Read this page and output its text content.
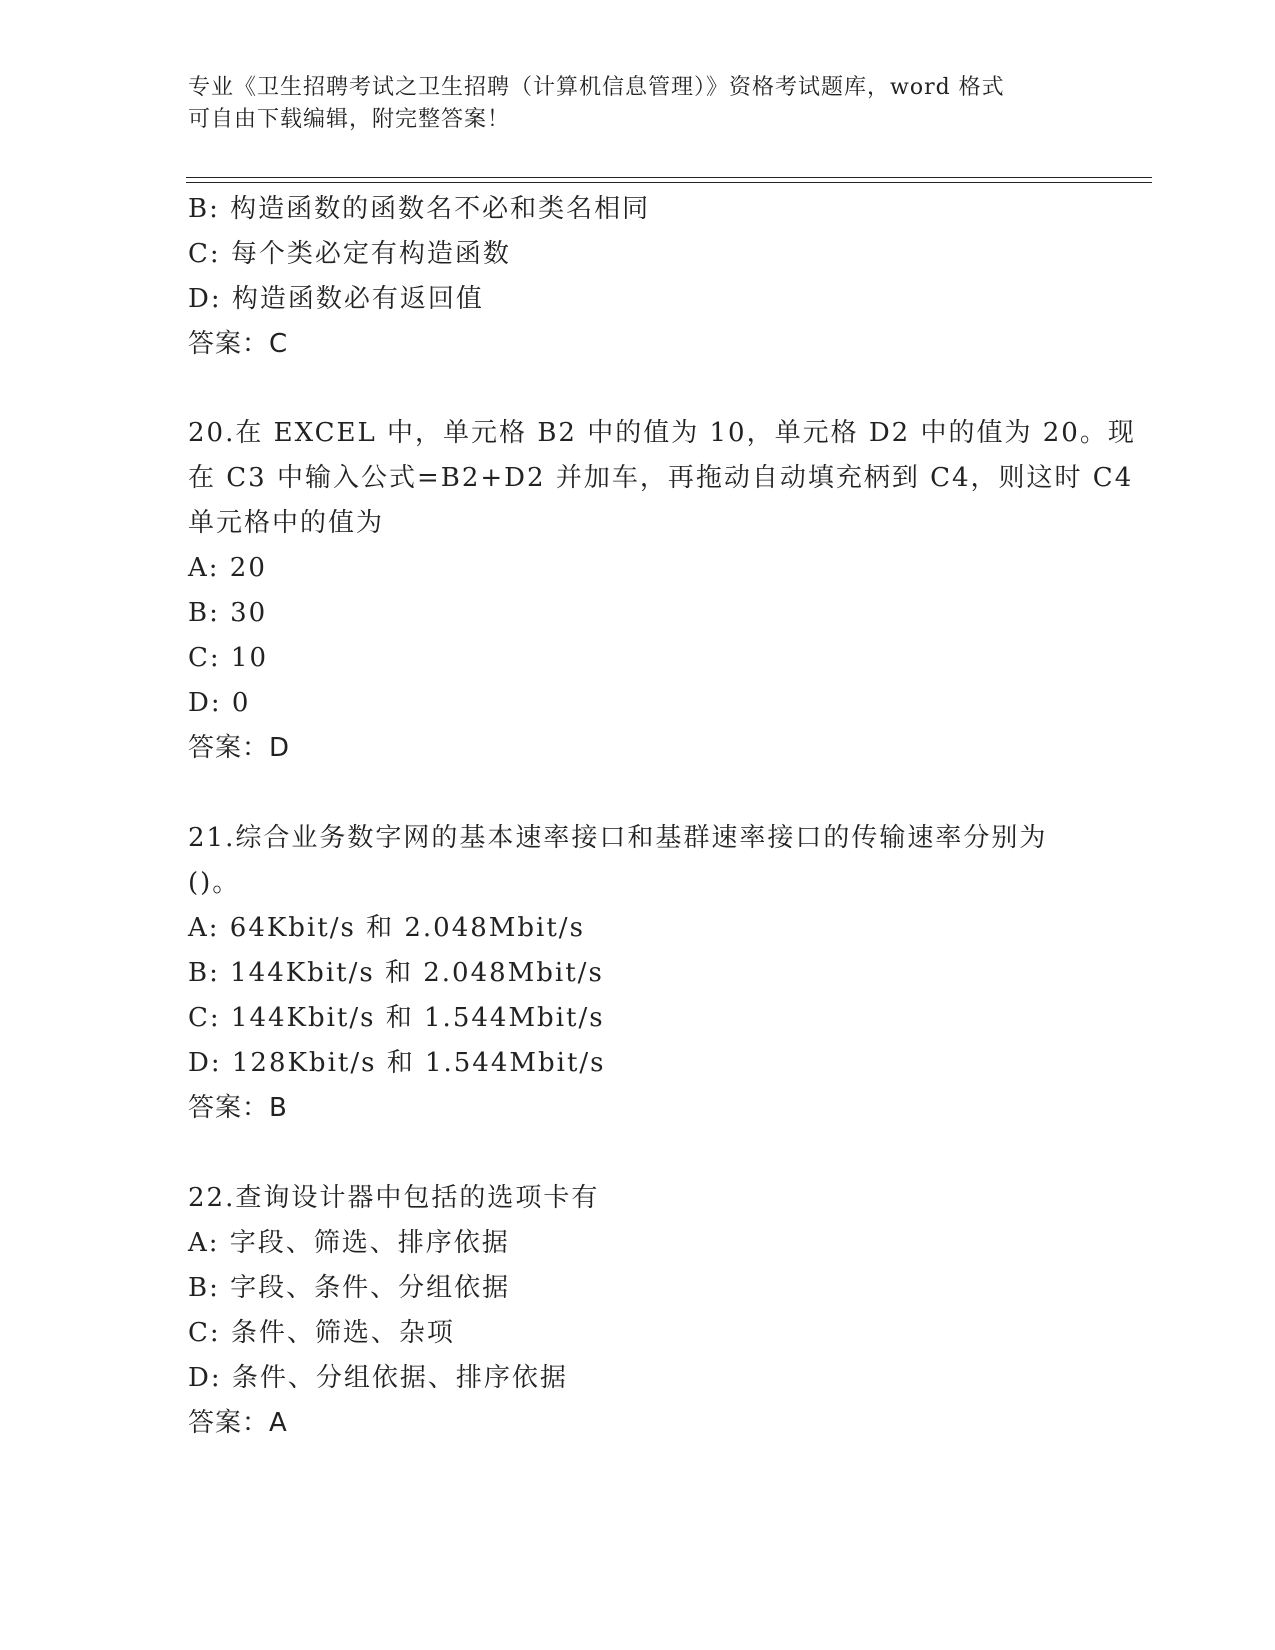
专业《卫生招聘考试之卫生招聘（计算机信息管理）》资格考试题库，word 格式
可自由下载编辑，附完整答案！
B: 构造函数的函数名不必和类名相同
C: 每个类必定有构造函数
D: 构造函数必有返回值
答案：C
20.在 EXCEL 中，单元格 B2 中的值为 10，单元格 D2 中的值为 20。现
在 C3 中输入公式=B2+D2 并加车，再拖动自动填充柄到 C4，则这时 C4
单元格中的值为
A: 20
B: 30
C: 10
D: 0
答案：D
21.综合业务数字网的基本速率接口和基群速率接口的传输速率分别为
()。
A: 64Kbit/s 和 2.048Mbit/s
B: 144Kbit/s 和 2.048Mbit/s
C: 144Kbit/s 和 1.544Mbit/s
D: 128Kbit/s 和 1.544Mbit/s
答案：B
22.查询设计器中包括的选项卡有
A: 字段、筛选、排序依据
B: 字段、条件、分组依据
C: 条件、筛选、杂项
D: 条件、分组依据、排序依据
答案：A
